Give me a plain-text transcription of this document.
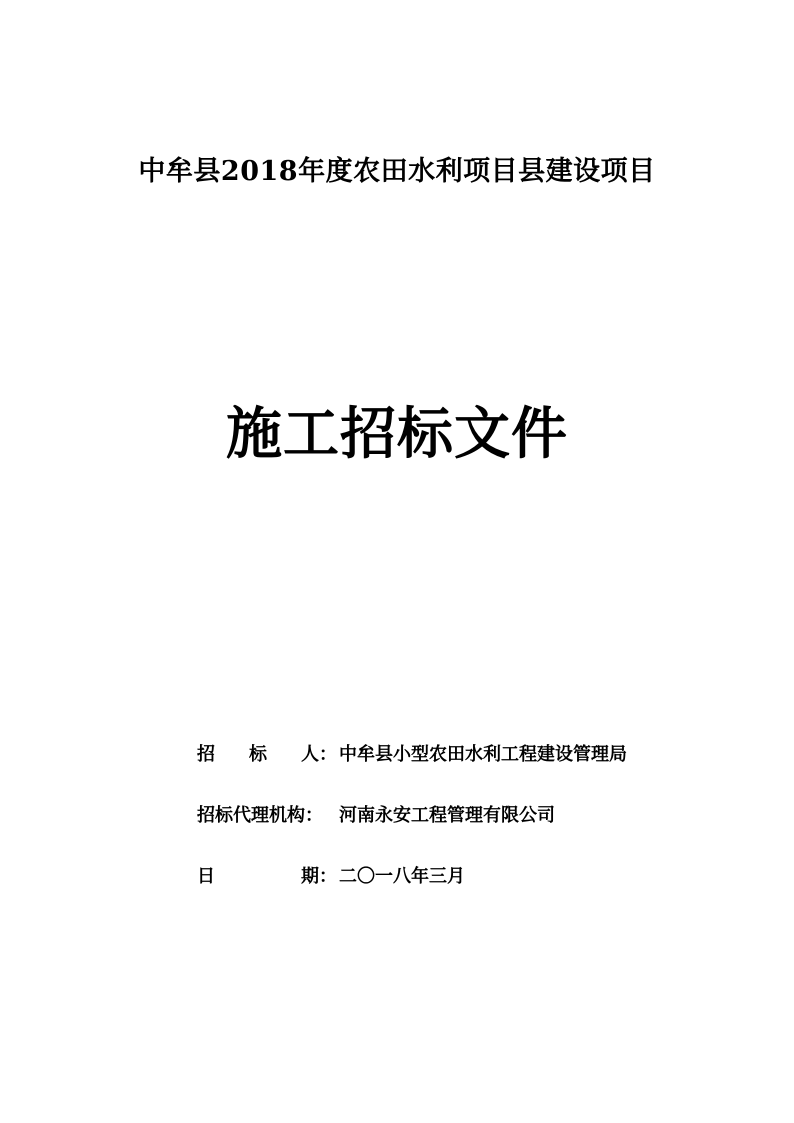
中牟县2018年度农田水利项目县建设项目
施工招标文件
招 标 人： 中牟县小型农田水利工程建设管理局
招标代理机构： 河南永安工程管理有限公司
日	期： 二〇一八年三月
